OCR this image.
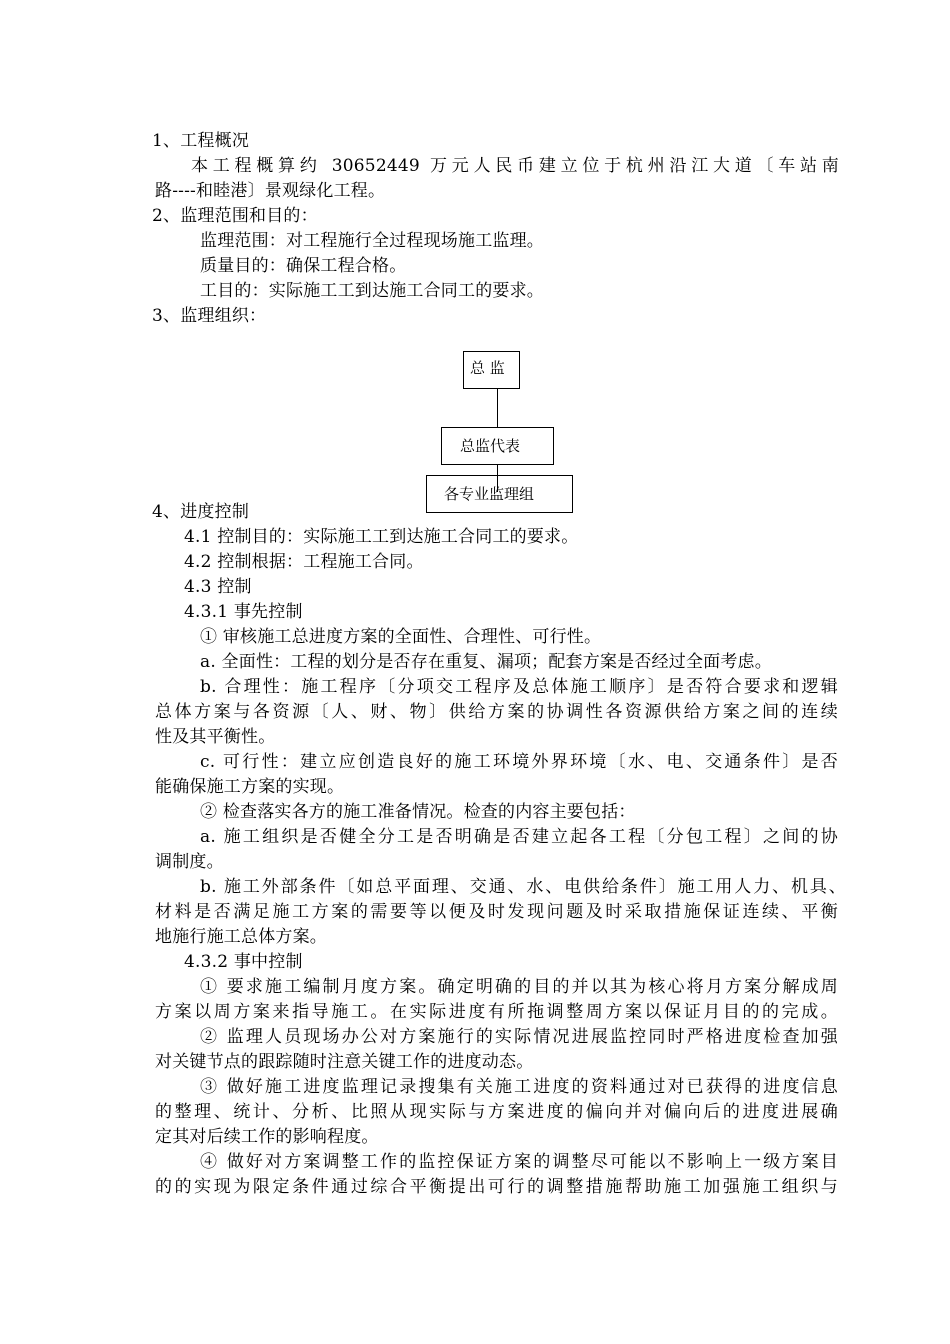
1、工程概况
本工程概算约 30652449 万元人民币建立位于杭州沿江大道〔车站南
路----和睦港〕景观绿化工程。
2、监理范围和目的：
监理范围：对工程施行全过程现场施工监理。
质量目的：确保工程合格。
工目的：实际施工工到达施工合同工的要求。
3、监理组织：
总 监
总监代表
各专业监理组
4、进度控制
4.1 控制目的：实际施工工到达施工合同工的要求。
4.2 控制根据：工程施工合同。
4.3 控制
4.3.1 事先控制
① 审核施工总进度方案的全面性、合理性、可行性。
a. 全面性：工程的划分是否存在重复、漏项；配套方案是否经过全面考虑。
b. 合理性：施工程序〔分项交工程序及总体施工顺序〕是否符合要求和逻辑
总体方案与各资源〔人、财、物〕供给方案的协调性各资源供给方案之间的连续
性及其平衡性。
c. 可行性：建立应创造良好的施工环境外界环境〔水、电、交通条件〕是否
能确保施工方案的实现。
② 检查落实各方的施工准备情况。检查的内容主要包括：
a. 施工组织是否健全分工是否明确是否建立起各工程〔分包工程〕之间的协
调制度。
b. 施工外部条件〔如总平面理、交通、水、电供给条件〕施工用人力、机具、
材料是否满足施工方案的需要等以便及时发现问题及时采取措施保证连续、平衡
地施行施工总体方案。
4.3.2 事中控制
① 要求施工编制月度方案。确定明确的目的并以其为核心将月方案分解成周
方案以周方案来指导施工。在实际进度有所拖调整周方案以保证月目的的完成。
② 监理人员现场办公对方案施行的实际情况进展监控同时严格进度检查加强
对关键节点的跟踪随时注意关键工作的进度动态。
③ 做好施工进度监理记录搜集有关施工进度的资料通过对已获得的进度信息
的整理、统计、分析、比照从现实际与方案进度的偏向并对偏向后的进度进展确
定其对后续工作的影响程度。
④ 做好对方案调整工作的监控保证方案的调整尽可能以不影响上一级方案目
的的实现为限定条件通过综合平衡提出可行的调整措施帮助施工加强施工组织与
